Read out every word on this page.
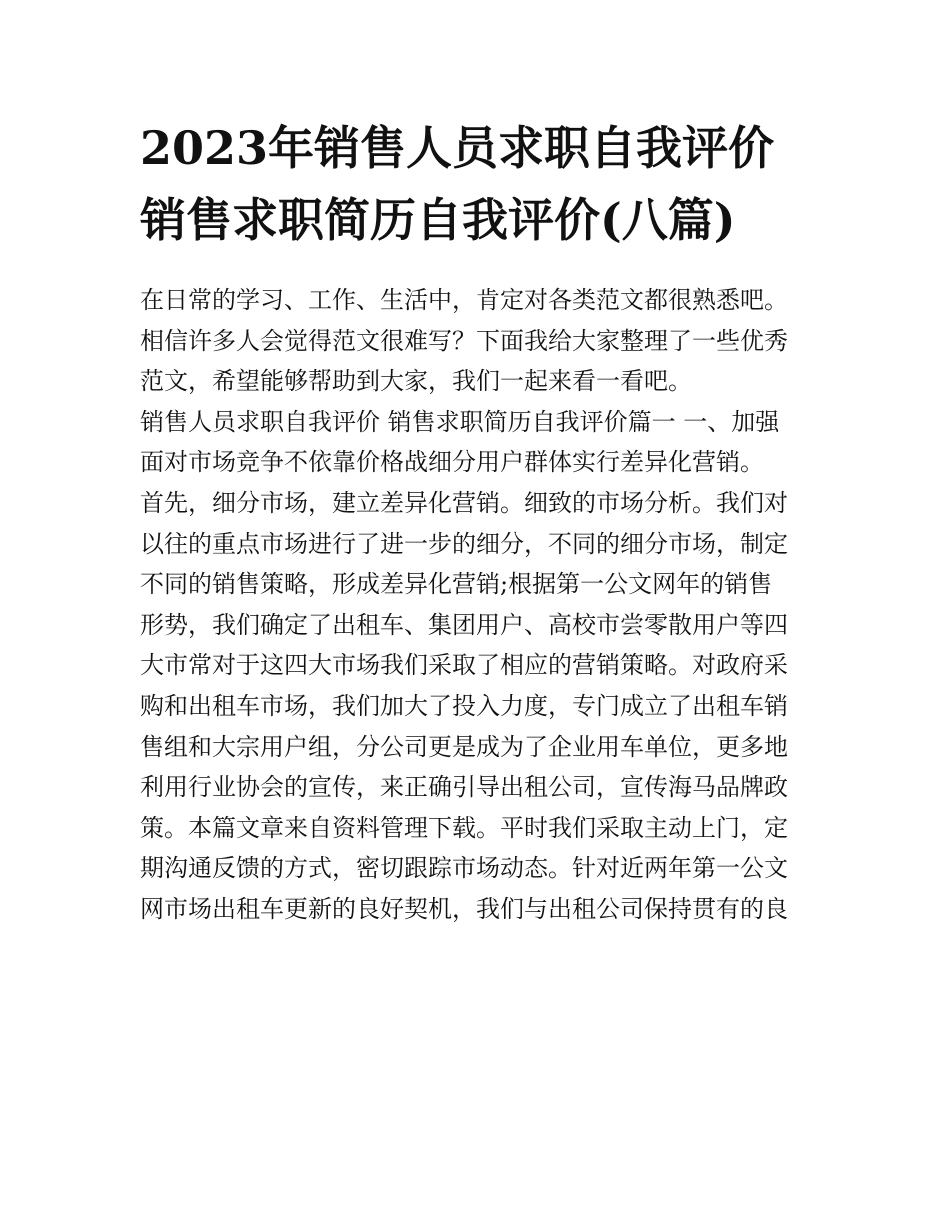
2023年销售人员求职自我评价
销售求职简历自我评价(八篇)
在日常的学习、工作、生活中，肯定对各类范文都很熟悉吧。
相信许多人会觉得范文很难写？下面我给大家整理了一些优秀
范文，希望能够帮助到大家，我们一起来看一看吧。
销售人员求职自我评价 销售求职简历自我评价篇一 一、加强
面对市场竞争不依靠价格战细分用户群体实行差异化营销。
首先，细分市场，建立差异化营销。细致的市场分析。我们对
以往的重点市场进行了进一步的细分，不同的细分市场，制定
不同的销售策略，形成差异化营销;根据第一公文网年的销售
形势，我们确定了出租车、集团用户、高校市尝零散用户等四
大市常对于这四大市场我们采取了相应的营销策略。对政府采
购和出租车市场，我们加大了投入力度，专门成立了出租车销
售组和大宗用户组，分公司更是成为了企业用车单位，更多地
利用行业协会的宣传，来正确引导出租公司，宣传海马品牌政
策。本篇文章来自资料管理下载。平时我们采取主动上门，定
期沟通反馈的方式，密切跟踪市场动态。针对近两年第一公文
网市场出租车更新的良好契机，我们与出租公司保持贯有的良
